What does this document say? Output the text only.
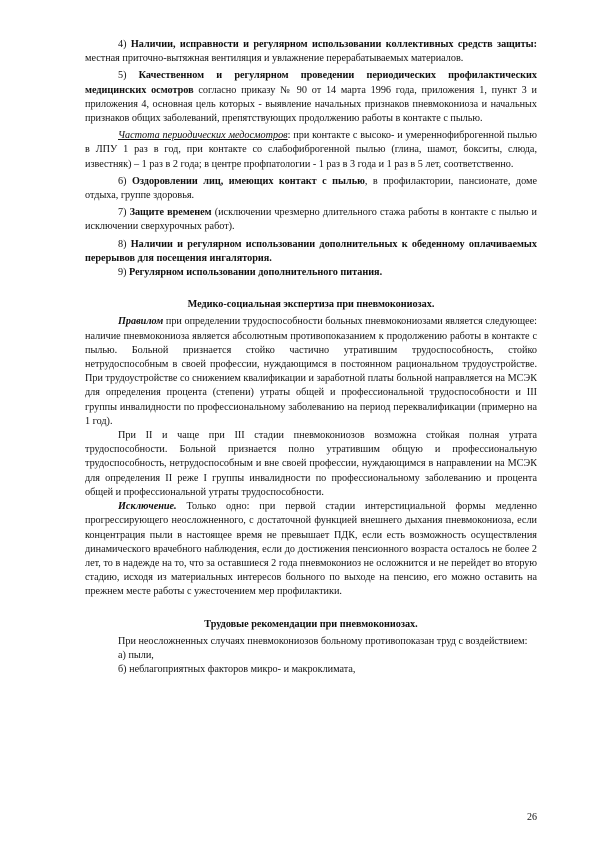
4) Наличии, исправности и регулярном использовании коллективных средств защиты: местная приточно-вытяжная вентиляция и увлажнение перерабатываемых материалов.

5) Качественном и регулярном проведении периодических профилактических медицинских осмотров согласно приказу № 90 от 14 марта 1996 года, приложения 1, пункт 3 и приложения 4, основная цель которых - выявление начальных признаков пневмокониоза и начальных признаков общих заболеваний, препятствующих продолжению работы в контакте с пылью.

Частота периодических медосмотров: при контакте с высоко- и умереннофиброгенной пылью в ЛПУ 1 раз в год, при контакте со слабофиброгенной пылью (глина, шамот, бокситы, слюда, известняк) – 1 раз в 2 года; в центре профпатологии - 1 раз в 3 года и 1 раз в 5 лет, соответственно.

6) Оздоровлении лиц, имеющих контакт с пылью, в профилактории, пансионате, доме отдыха, группе здоровья.

7) Защите временем (исключении чрезмерно длительного стажа работы в контакте с пылью и исключении сверхурочных работ).

8) Наличии и регулярном использовании дополнительных к обеденному оплачиваемых перерывов для посещения ингалятория.

9) Регулярном использовании дополнительного питания.

Медико-социальная экспертиза при пневмокониозах.

Правилом при определении трудоспособности больных пневмокониозами является следующее: наличие пневмокониоза является абсолютным противопоказанием к продолжению работы в контакте с пылью. Больной признается стойко частично утратившим трудоспособность, стойко нетрудоспособным в своей профессии, нуждающимся в постоянном рациональном трудоустройстве. При трудоустройстве со снижением квалификации и заработной платы больной направляется на МСЭК для определения процента (степени) утраты общей и профессиональной трудоспособности и III группы инвалидности по профессиональному заболеванию на период переквалификации (примерно на 1 год).

При II и чаще при III стадии пневмокониозов возможна стойкая полная утрата трудоспособности. Больной признается полно утратившим общую и профессиональную трудоспособность, нетрудоспособным и вне своей профессии, нуждающимся в направлении на МСЭК для определения II реже I группы инвалидности по профессиональному заболеванию и процента общей и профессиональной утраты трудоспособности.

Исключение. Только одно: при первой стадии интерстициальной формы медленно прогрессирующего неосложненного, с достаточной функцией внешнего дыхания пневмокониоза, если концентрация пыли в настоящее время не превышает ПДК, если есть возможность осуществления динамического врачебного наблюдения, если до достижения пенсионного возраста осталось не более 2 лет, то в надежде на то, что за оставшиеся 2 года пневмокониоз не осложнится и не перейдет во вторую стадию, исходя из материальных интересов больного по выходе на пенсию, его можно оставить на прежнем месте работы с ужесточением мер профилактики.

Трудовые рекомендации при пневмокониозах.

При неосложненных случаях пневмокониозов больному противопоказан труд с воздействием:

а) пыли,

б) неблагоприятных факторов микро- и макроклимата,

26
